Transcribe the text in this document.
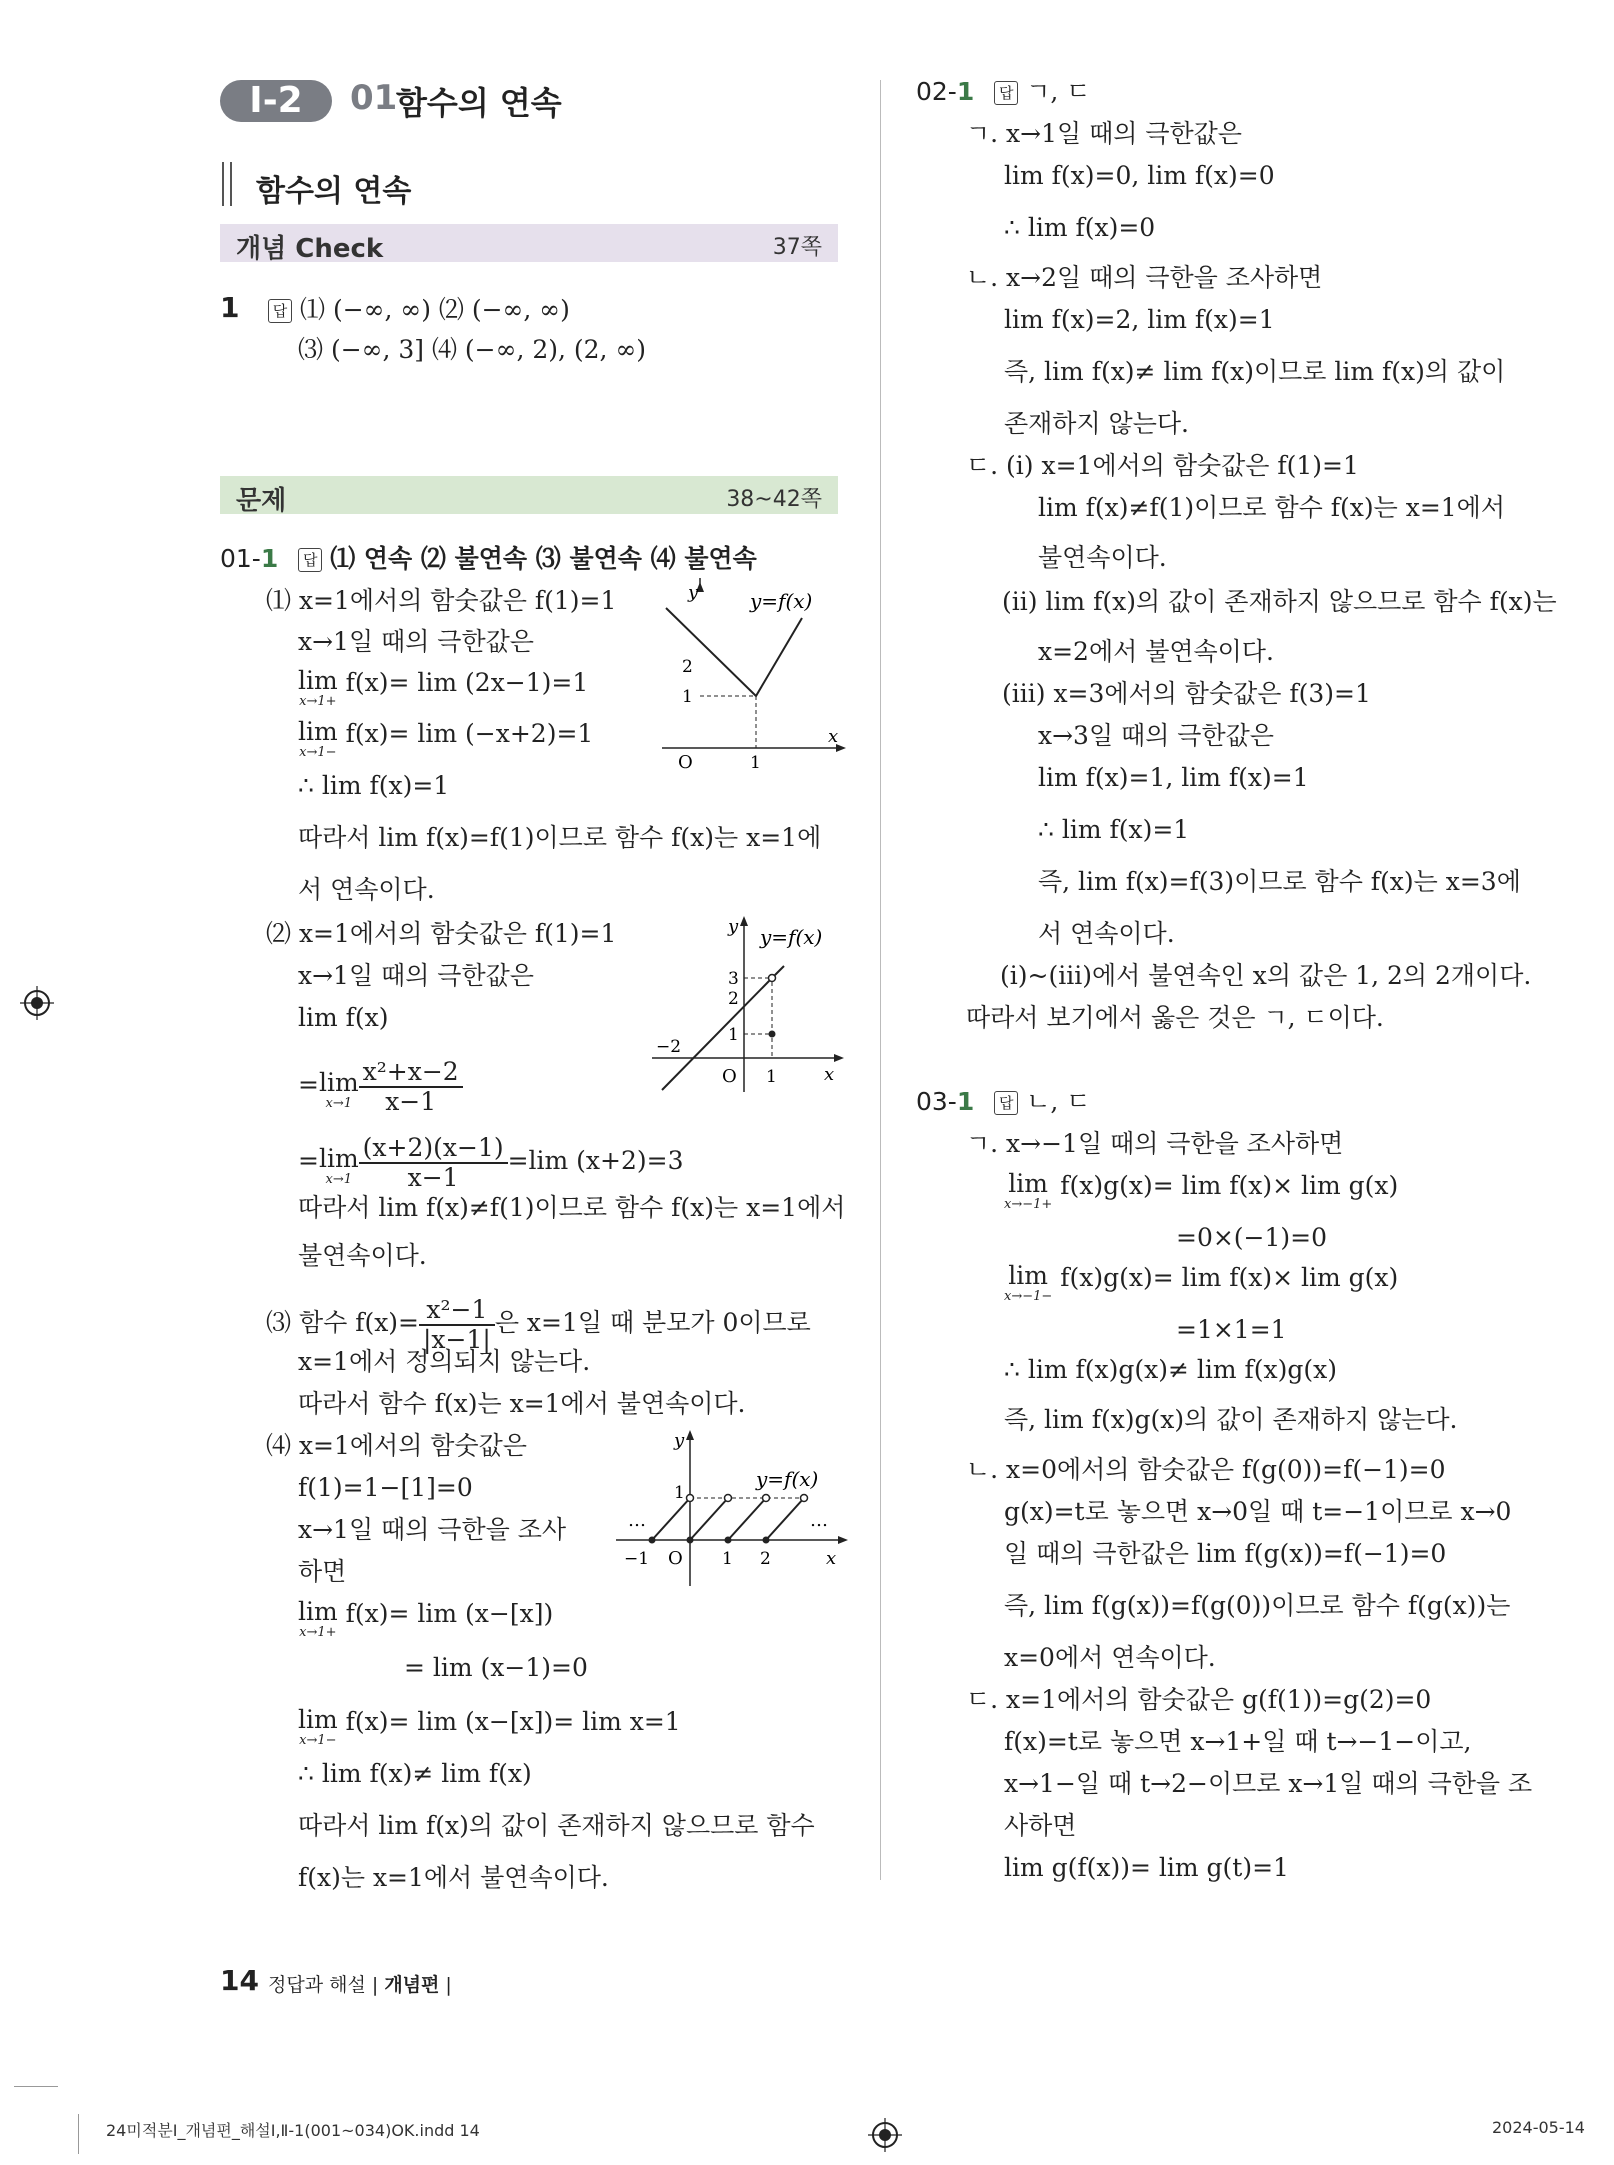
Ⅰ-2	01
함수의 연속
함수의 연속
개념 Check	37쪽
1	답 ⑴ (−∞, ∞) ⑵ (−∞, ∞)
⑶ (−∞, 3] ⑷ (−∞, 2), (2, ∞)
문제	38~42쪽
01-1 답 ⑴ 연속 ⑵ 불연속 ⑶ 불연속 ⑷ 불연속
⑴ x=1에서의 함숫값은 f(1)=1
x→1일 때의 극한값은
lim
x→1+
f(x)= lim (2x−1)=1
lim
x→1−
f(x)= lim (−x+2)=1
∴ lim f(x)=1
따라서 lim f(x)=f(1)이므로 함수 f(x)는 x=1에
서 연속이다.
⑵ x=1에서의 함숫값은 f(1)=1
x→1일 때의 극한값은
lim f(x)
= lim
$x\to 1 \frac{\text{x²+x−2}}{x-1}$
= lim
$x\to 1 \frac{(x+2)(x-1)}{x-1} =\lim$ (x+2)=3
따라서 lim f(x)≠f(1)이므로 함수 f(x)는 x=1에서
불연속이다.
⑶ 함수 $f(x)= \frac{\text{x²−1}}{|x-1|}$ 은 x=1일 때 분모가 0이므로
x=1에서 정의되지 않는다.
따라서 함수 f(x)는 x=1에서 불연속이다.
⑷ x=1에서의 함숫값은
f(1)=1−[1]=0
x→1일 때의 극한을 조사
하면
lim
x→1+
f(x)= lim (x−[x])
= lim (x−1)=0
lim
x→1−
f(x)= lim (x−[x])= lim x=1
∴ lim f(x)≠ lim f(x)
따라서 lim f(x)의 값이 존재하지 않으므로 함수
f(x)는 x=1에서 불연속이다.
y	y=f(x)
x
O
2
1
1
y y=f(x)
x
O
3
2
1
−2
1
y
y=f(x)
x
O
1
−1	1 2
…	…
02-1 답 ㄱ, ㄷ
ㄱ. x→1일 때의 극한값은
lim f(x)=0, lim f(x)=0
∴ lim f(x)=0
ㄴ. x→2일 때의 극한을 조사하면
lim f(x)=2, lim f(x)=1
즉, lim f(x)≠ lim f(x)이므로 lim f(x)의 값이
존재하지 않는다.
ㄷ. (ⅰ) x=1에서의 함숫값은 f(1)=1
lim f(x)≠f(1)이므로 함수 f(x)는 x=1에서
불연속이다.
(ⅱ) lim f(x)의 값이 존재하지 않으므로 함수 f(x)는
x=2에서 불연속이다.
(ⅲ) x=3에서의 함숫값은 f(3)=1
x→3일 때의 극한값은
lim f(x)=1, lim f(x)=1
∴ lim f(x)=1
즉, lim f(x)=f(3)이므로 함수 f(x)는 x=3에
서 연속이다.
(ⅰ)~(ⅲ)에서 불연속인 x의 값은 1, 2의 2개이다.
따라서 보기에서 옳은 것은 ㄱ, ㄷ이다.
03-1 답 ㄴ, ㄷ
ㄱ. x→−1일 때의 극한을 조사하면
lim
x→−1+
f(x)g(x)= lim f(x)× lim g(x)
=0×(−1)=0
lim
x→−1−
f(x)g(x)= lim f(x)× lim g(x)
=1×1=1
∴ lim f(x)g(x)≠ lim f(x)g(x)
즉, lim f(x)g(x)의 값이 존재하지 않는다.
ㄴ. x=0에서의 함숫값은 f(g(0))=f(−1)=0
g(x)=t로 놓으면 x→0일 때 t=−1이므로 x→0
일 때의 극한값은 lim f(g(x))=f(−1)=0
즉, lim f(g(x))=f(g(0))이므로 함수 f(g(x))는
x=0에서 연속이다.
ㄷ. x=1에서의 함숫값은 g(f(1))=g(2)=0
f(x)=t로 놓으면 x→1+일 때 t→−1−이고,
x→1−일 때 t→2−이므로 x→1일 때의 극한을 조
사하면
lim g(f(x))= lim g(t)=1
14 정답과 해설 | 개념편 |
24미적분Ⅰ_개념편_해설Ⅰ,Ⅱ-1(001~034)OK.indd 14	2024-05-14
